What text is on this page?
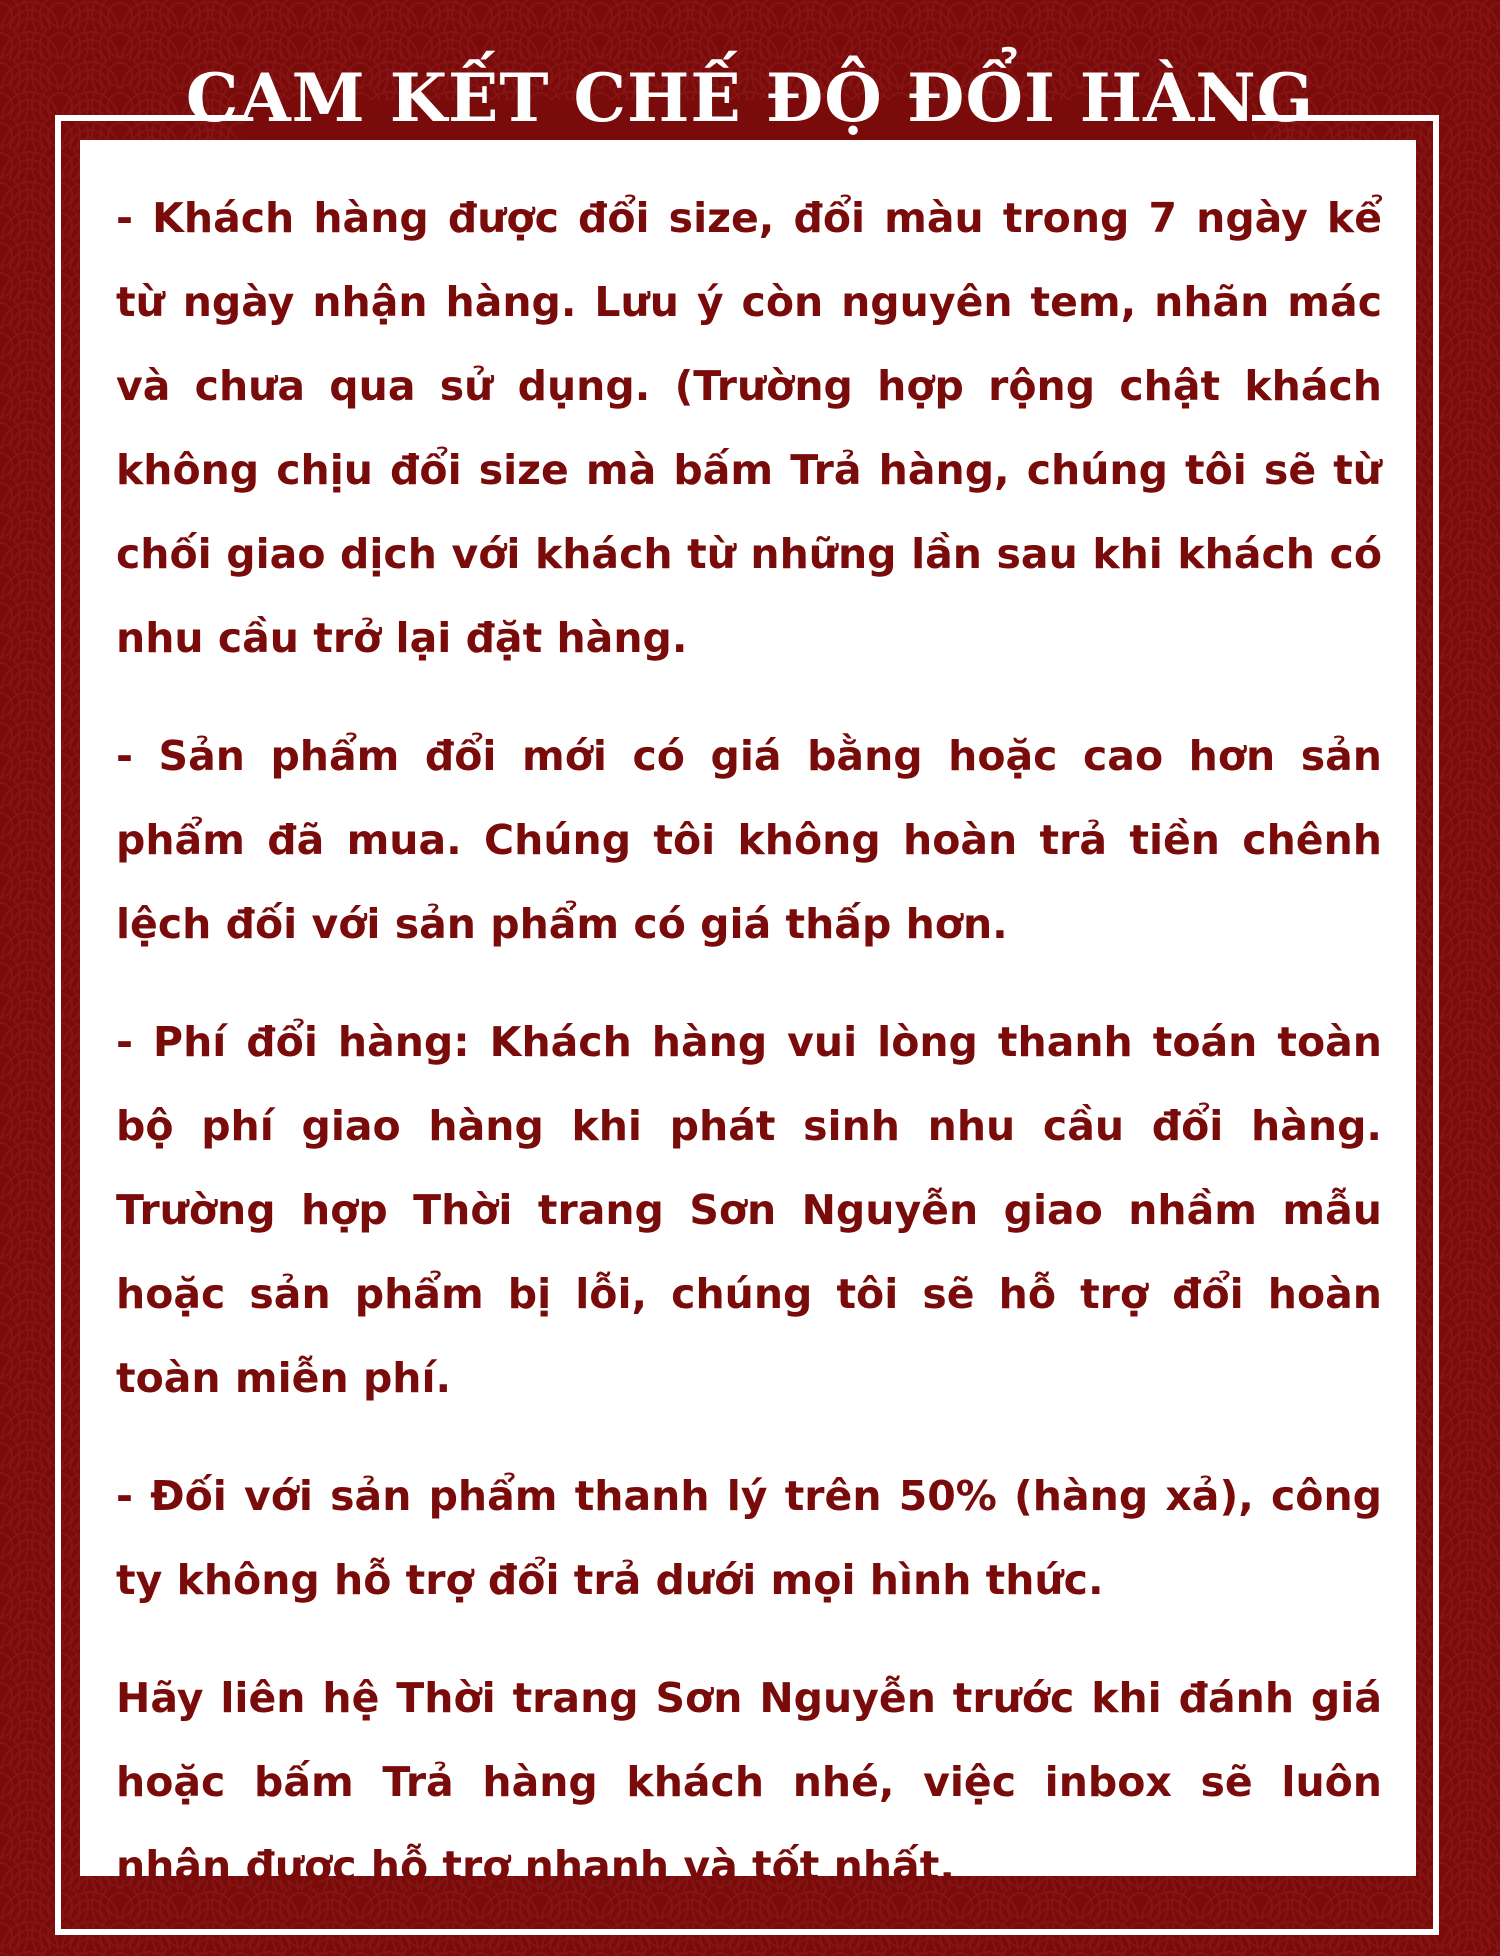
CAM KẾT CHẾ ĐỘ ĐỔI HÀNG

- Khách hàng được đổi size, đổi màu trong 7 ngày kể từ ngày nhận hàng. Lưu ý còn nguyên tem, nhãn mác và chưa qua sử dụng. (Trường hợp rộng chật khách không chịu đổi size mà bấm Trả hàng, chúng tôi sẽ từ chối giao dịch với khách từ những lần sau khi khách có nhu cầu trở lại đặt hàng.

- Sản phẩm đổi mới có giá bằng hoặc cao hơn sản phẩm đã mua. Chúng tôi không hoàn trả tiền chênh lệch đối với sản phẩm có giá thấp hơn.

- Phí đổi hàng: Khách hàng vui lòng thanh toán toàn bộ phí giao hàng khi phát sinh nhu cầu đổi hàng. Trường hợp Thời trang Sơn Nguyễn giao nhầm mẫu hoặc sản phẩm bị lỗi, chúng tôi sẽ hỗ trợ đổi hoàn toàn miễn phí.

- Đối với sản phẩm thanh lý trên 50% (hàng xả), công ty không hỗ trợ đổi trả dưới mọi hình thức.

Hãy liên hệ Thời trang Sơn Nguyễn trước khi đánh giá hoặc bấm Trả hàng khách nhé, việc inbox sẽ luôn nhận được hỗ trợ nhanh và tốt nhất.
